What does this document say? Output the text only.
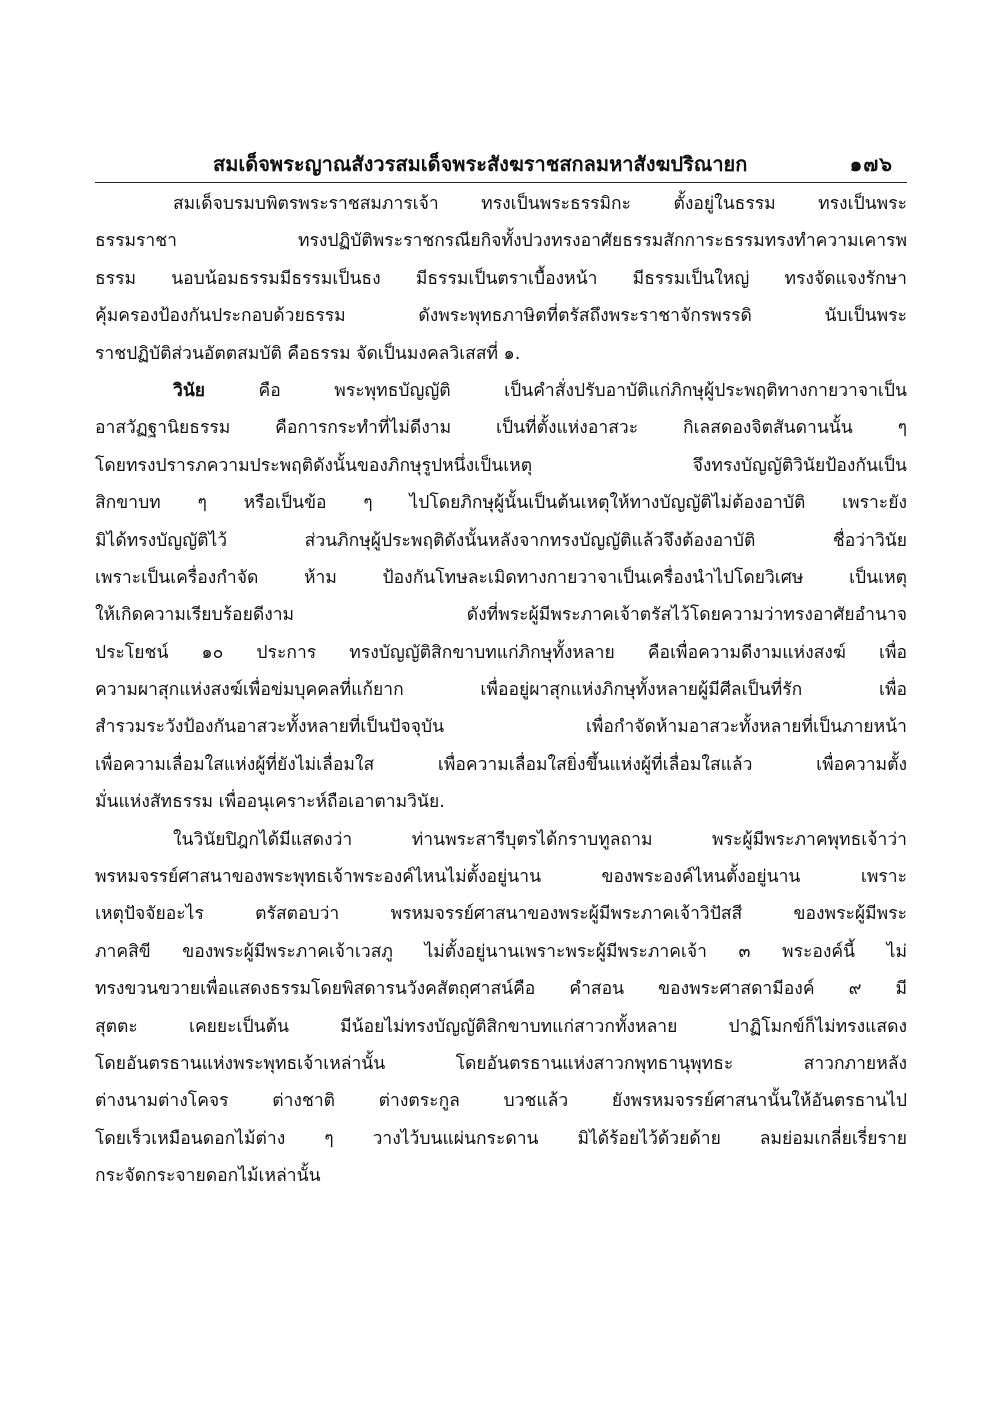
สมเด็จพระญาณสังวรสมเด็จพระสังฆราชสกลมหาสังฆปริณายก	๑๗๖
สมเด็จบรมบพิตรพระราชสมภารเจ้า ทรงเป็นพระธรรมิกะ ตั้งอยู่ในธรรม ทรงเป็นพระ
ธรรมราชา ทรงปฏิบัติพระราชกรณียกิจทั้งปวงทรงอาศัยธรรมสักการะธรรมทรงทำความเคารพ
ธรรม นอบน้อมธรรมมีธรรมเป็นธง มีธรรมเป็นตราเบื้องหน้า มีธรรมเป็นใหญ่ ทรงจัดแจงรักษา
คุ้มครองป้องกันประกอบด้วยธรรม ดังพระพุทธภาษิตที่ตรัสถึงพระราชาจักรพรรดิ นับเป็นพระ
ราชปฏิบัติส่วนอัตตสมบัติ คือธรรม จัดเป็นมงคลวิเสสที่ ๑.
วินัย คือ พระพุทธบัญญัติ เป็นคำสั่งปรับอาบัติแก่ภิกษุผู้ประพฤติทางกายวาจาเป็น
อาสวัฏฐานิยธรรม คือการกระทำที่ไม่ดีงาม เป็นที่ตั้งแห่งอาสวะ กิเลสดองจิตสันดานนั้น ๆ
โดยทรงปรารภความประพฤติดังนั้นของภิกษุรูปหนึ่งเป็นเหตุ จึงทรงบัญญัติวินัยป้องกันเป็น
สิกขาบท ๆ หรือเป็นข้อ ๆ ไปโดยภิกษุผู้นั้นเป็นต้นเหตุให้ทางบัญญัติไม่ต้องอาบัติ เพราะยัง
มิได้ทรงบัญญัติไว้ ส่วนภิกษุผู้ประพฤติดังนั้นหลังจากทรงบัญญัติแล้วจึงต้องอาบัติ ชื่อว่าวินัย
เพราะเป็นเครื่องกำจัด ห้าม ป้องกันโทษละเมิดทางกายวาจาเป็นเครื่องนำไปโดยวิเศษ เป็นเหตุ
ให้เกิดความเรียบร้อยดีงาม ดังที่พระผู้มีพระภาคเจ้าตรัสไว้โดยความว่าทรงอาศัยอำนาจ
ประโยชน์ ๑๐ ประการ ทรงบัญญัติสิกขาบทแก่ภิกษุทั้งหลาย คือเพื่อความดีงามแห่งสงฆ์ เพื่อ
ความผาสุกแห่งสงฆ์เพื่อข่มบุคคลที่แก้ยาก เพื่ออยู่ผาสุกแห่งภิกษุทั้งหลายผู้มีศีลเป็นที่รัก เพื่อ
สำรวมระวังป้องกันอาสวะทั้งหลายที่เป็นปัจจุบัน เพื่อกำจัดห้ามอาสวะทั้งหลายที่เป็นภายหน้า
เพื่อความเลื่อมใสแห่งผู้ที่ยังไม่เลื่อมใส เพื่อความเลื่อมใสยิ่งขึ้นแห่งผู้ที่เลื่อมใสแล้ว เพื่อความตั้ง
มั่นแห่งสัทธรรม เพื่ออนุเคราะห์ถือเอาตามวินัย.
ในวินัยปิฎกได้มีแสดงว่า ท่านพระสารีบุตรได้กราบทูลถาม พระผู้มีพระภาคพุทธเจ้าว่า
พรหมจรรย์ศาสนาของพระพุทธเจ้าพระองค์ไหนไม่ตั้งอยู่นาน ของพระองค์ไหนตั้งอยู่นาน เพราะ
เหตุปัจจัยอะไร ตรัสตอบว่า พรหมจรรย์ศาสนาของพระผู้มีพระภาคเจ้าวิปัสสี ของพระผู้มีพระ
ภาคสิขี ของพระผู้มีพระภาคเจ้าเวสภู ไม่ตั้งอยู่นานเพราะพระผู้มีพระภาคเจ้า ๓ พระองค์นี้ ไม่
ทรงขวนขวายเพื่อแสดงธรรมโดยพิสดารนวังคสัตถุศาสน์คือ คำสอน ของพระศาสดามีองค์ ๙ มี
สุตตะ เคยยะเป็นต้น มีน้อยไม่ทรงบัญญัติสิกขาบทแก่สาวกทั้งหลาย ปาฏิโมกข์ก็ไม่ทรงแสดง
โดยอันตรธานแห่งพระพุทธเจ้าเหล่านั้น โดยอันตรธานแห่งสาวกพุทธานุพุทธะ สาวกภายหลัง
ต่างนามต่างโคจร ต่างชาติ ต่างตระกูล บวชแล้ว ยังพรหมจรรย์ศาสนานั้นให้อันตรธานไป
โดยเร็วเหมือนดอกไม้ต่าง ๆ วางไว้บนแผ่นกระดาน มิได้ร้อยไว้ด้วยด้าย ลมย่อมเกลี่ยเรี่ยราย
กระจัดกระจายดอกไม้เหล่านั้น
